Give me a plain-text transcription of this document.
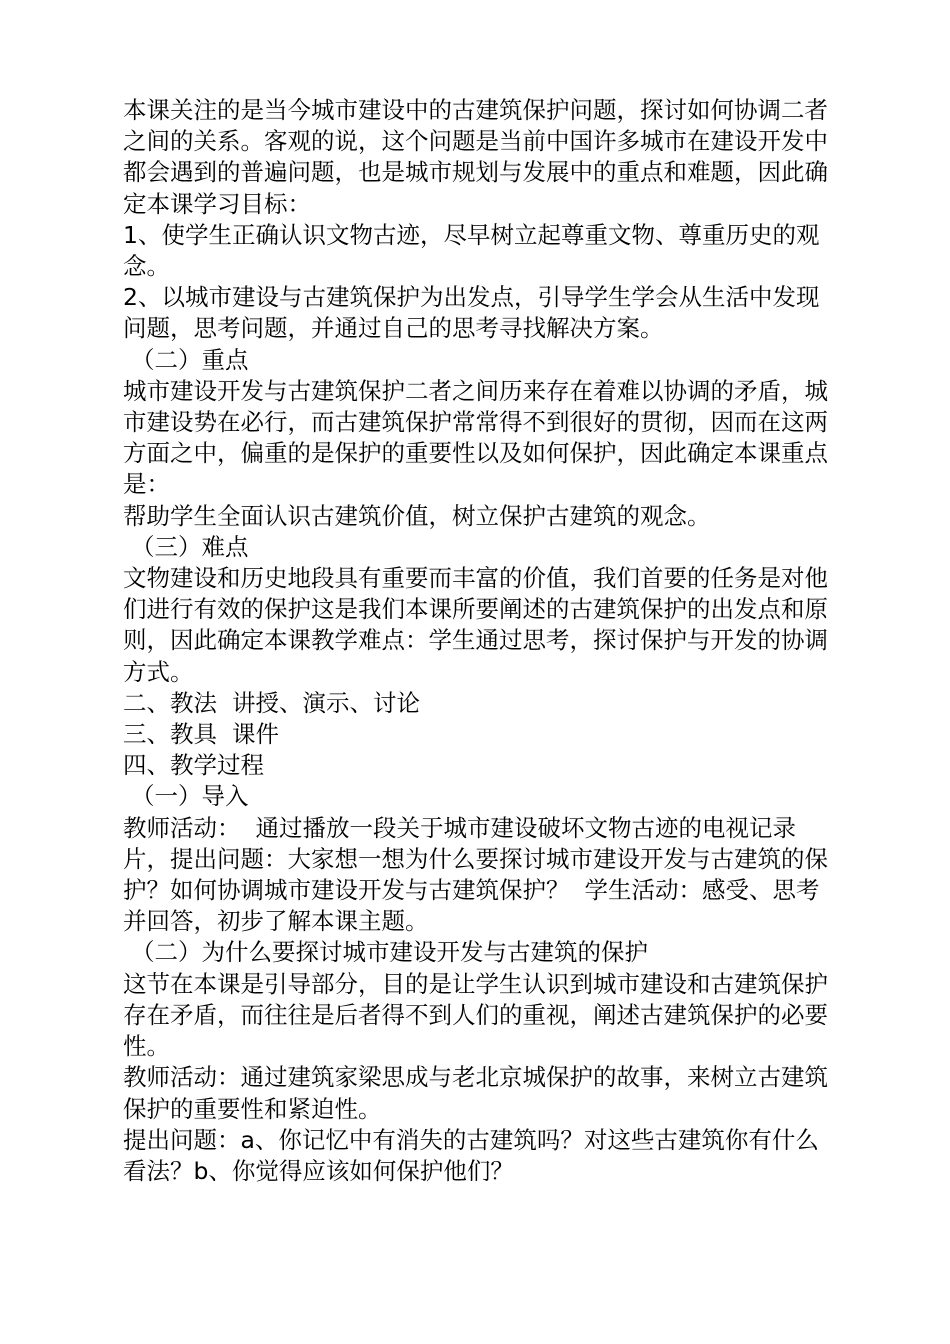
本课关注的是当今城市建设中的古建筑保护问题，探讨如何协调二者之间的关系。客观的说，这个问题是当前中国许多城市在建设开发中都会遇到的普遍问题，也是城市规划与发展中的重点和难题，因此确定本课学习目标：

1、使学生正确认识文物古迹，尽早树立起尊重文物、尊重历史的观念。

2、以城市建设与古建筑保护为出发点，引导学生学会从生活中发现问题，思考问题，并通过自己的思考寻找解决方案。

（二）重点

城市建设开发与古建筑保护二者之间历来存在着难以协调的矛盾，城市建设势在必行，而古建筑保护常常得不到很好的贯彻，因而在这两方面之中，偏重的是保护的重要性以及如何保护，因此确定本课重点是：

帮助学生全面认识古建筑价值，树立保护古建筑的观念。

（三）难点

文物建设和历史地段具有重要而丰富的价值，我们首要的任务是对他们进行有效的保护这是我们本课所要阐述的古建筑保护的出发点和原则，因此确定本课教学难点：学生通过思考，探讨保护与开发的协调方式。

二、教法  讲授、演示、讨论

三、教具  课件

四、教学过程

（一）导入

教师活动：  通过播放一段关于城市建设破坏文物古迹的电视记录片，提出问题：大家想一想为什么要探讨城市建设开发与古建筑的保护？如何协调城市建设开发与古建筑保护？  学生活动：感受、思考并回答，初步了解本课主题。

（二）为什么要探讨城市建设开发与古建筑的保护

这节在本课是引导部分，目的是让学生认识到城市建设和古建筑保护存在矛盾，而往往是后者得不到人们的重视，阐述古建筑保护的必要性。

教师活动：通过建筑家梁思成与老北京城保护的故事，来树立古建筑保护的重要性和紧迫性。

提出问题：a、你记忆中有消失的古建筑吗？对这些古建筑你有什么看法？b、你觉得应该如何保护他们？
